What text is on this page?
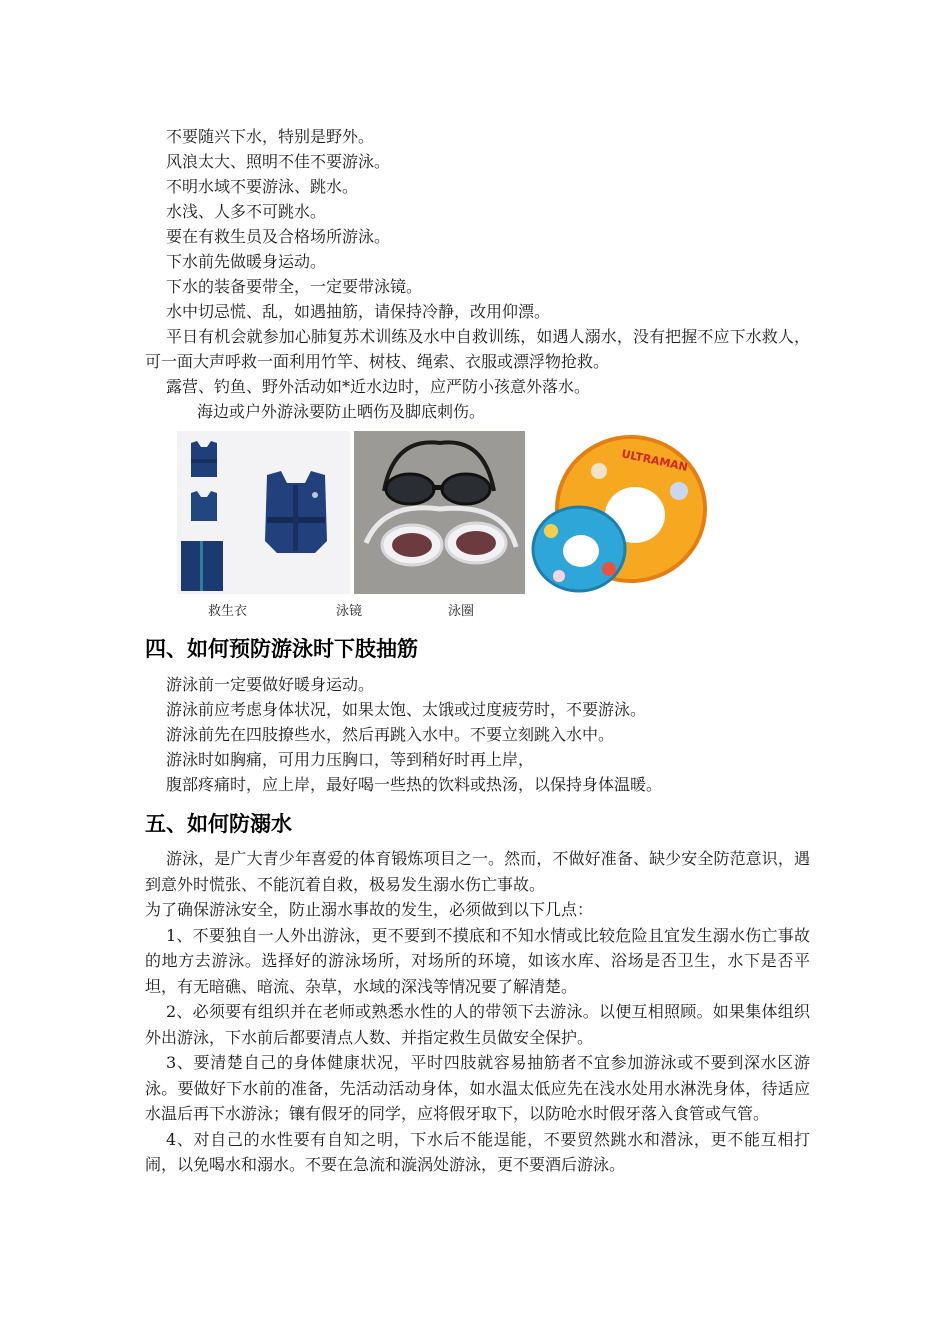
不要随兴下水，特别是野外。
风浪太大、照明不佳不要游泳。
不明水域不要游泳、跳水。
水浅、人多不可跳水。
要在有救生员及合格场所游泳。
下水前先做暖身运动。
下水的装备要带全，一定要带泳镜。
水中切忌慌、乱，如遇抽筋，请保持冷静，改用仰漂。
平日有机会就参加心肺复苏术训练及水中自救训练，如遇人溺水，没有把握不应下水救人，可一面大声呼救一面利用竹竿、树枝、绳索、衣服或漂浮物抢救。
露营、钓鱼、野外活动如*近水边时，应严防小孩意外落水。
海边或户外游泳要防止晒伤及脚底刺伤。
ULTRAMAN
救生衣	泳镜	泳圈
四、如何预防游泳时下肢抽筋
游泳前一定要做好暖身运动。
游泳前应考虑身体状况，如果太饱、太饿或过度疲劳时，不要游泳。
游泳前先在四肢撩些水，然后再跳入水中。不要立刻跳入水中。
游泳时如胸痛，可用力压胸口，等到稍好时再上岸，
腹部疼痛时，应上岸，最好喝一些热的饮料或热汤，以保持身体温暖。
五、如何防溺水

游泳，是广大青少年喜爱的体育锻炼项目之一。然而，不做好准备、缺少安全防范意识，遇到意外时慌张、不能沉着自救，极易发生溺水伤亡事故。

为了确保游泳安全，防止溺水事故的发生，必须做到以下几点：

1、不要独自一人外出游泳，更不要到不摸底和不知水情或比较危险且宜发生溺水伤亡事故的地方去游泳。选择好的游泳场所，对场所的环境，如该水库、浴场是否卫生，水下是否平坦，有无暗礁、暗流、杂草，水域的深浅等情况要了解清楚。

2、必须要有组织并在老师或熟悉水性的人的带领下去游泳。以便互相照顾。如果集体组织外出游泳，下水前后都要清点人数、并指定救生员做安全保护。

3、要清楚自己的身体健康状况，平时四肢就容易抽筋者不宜参加游泳或不要到深水区游泳。要做好下水前的准备，先活动活动身体，如水温太低应先在浅水处用水淋洗身体，待适应水温后再下水游泳；镶有假牙的同学，应将假牙取下，以防呛水时假牙落入食管或气管。

4、对自己的水性要有自知之明，下水后不能逞能，不要贸然跳水和潜泳，更不能互相打闹，以免喝水和溺水。不要在急流和漩涡处游泳，更不要酒后游泳。
